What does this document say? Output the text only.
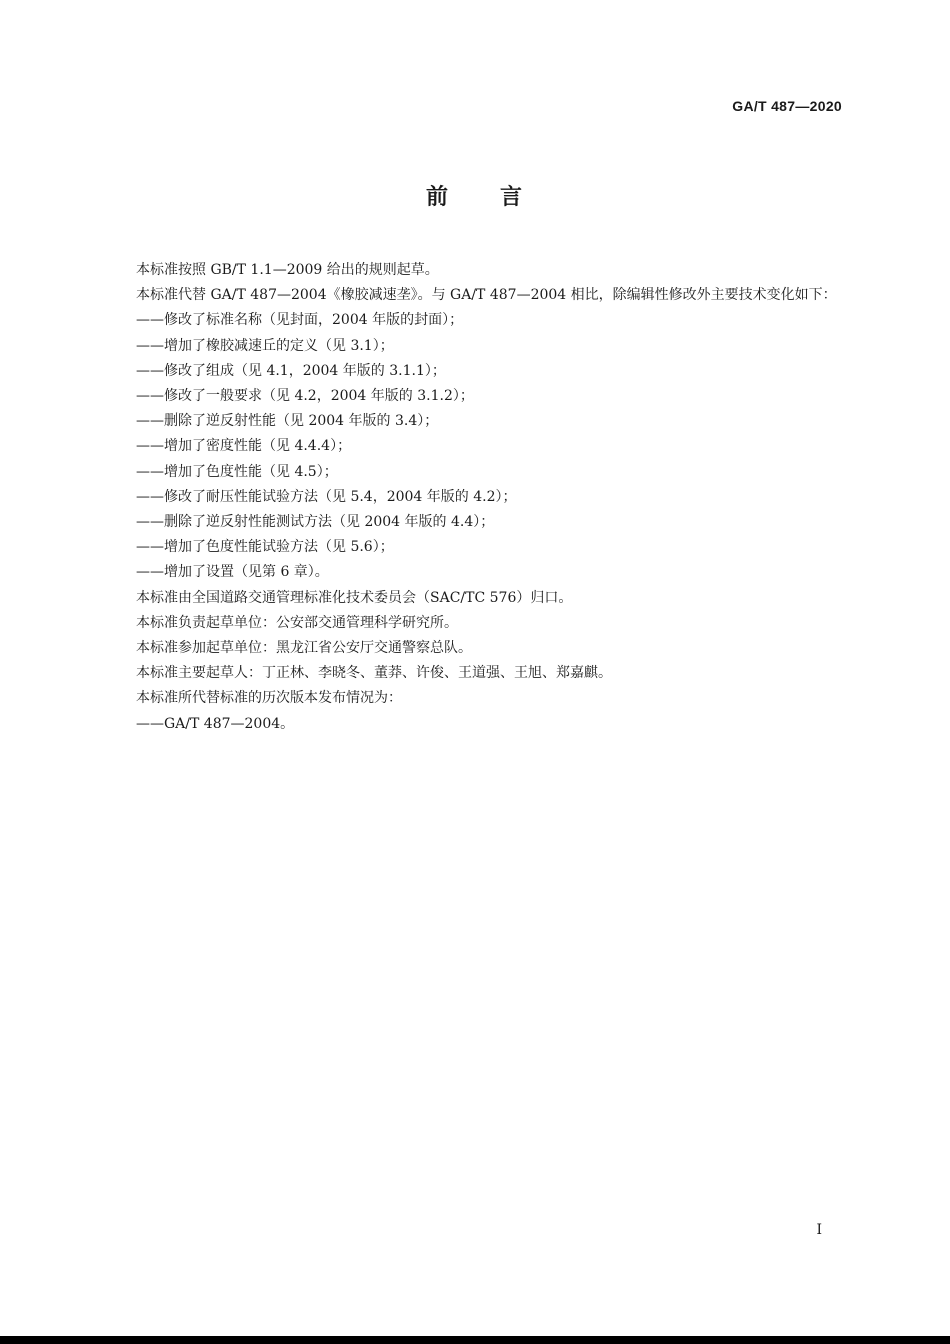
GA/T 487—2020
前 言

本标准按照 GB/T 1.1—2009 给出的规则起草。

本标准代替 GA/T 487—2004《橡胶减速垄》。与 GA/T 487—2004 相比，除编辑性修改外主要技术变化如下：

——修改了标准名称（见封面，2004 年版的封面）；

——增加了橡胶减速丘的定义（见 3.1）；

——修改了组成（见 4.1，2004 年版的 3.1.1）；

——修改了一般要求（见 4.2，2004 年版的 3.1.2）；

——删除了逆反射性能（见 2004 年版的 3.4）；

——增加了密度性能（见 4.4.4）；

——增加了色度性能（见 4.5）；

——修改了耐压性能试验方法（见 5.4，2004 年版的 4.2）；

——删除了逆反射性能测试方法（见 2004 年版的 4.4）；

——增加了色度性能试验方法（见 5.6）；

——增加了设置（见第 6 章）。

本标准由全国道路交通管理标准化技术委员会（SAC/TC 576）归口。

本标准负责起草单位：公安部交通管理科学研究所。

本标准参加起草单位：黑龙江省公安厅交通警察总队。

本标准主要起草人：丁正林、李晓冬、董莽、许俊、王道强、王旭、郑嘉麒。

本标准所代替标准的历次版本发布情况为：

——GA/T 487—2004。

I
